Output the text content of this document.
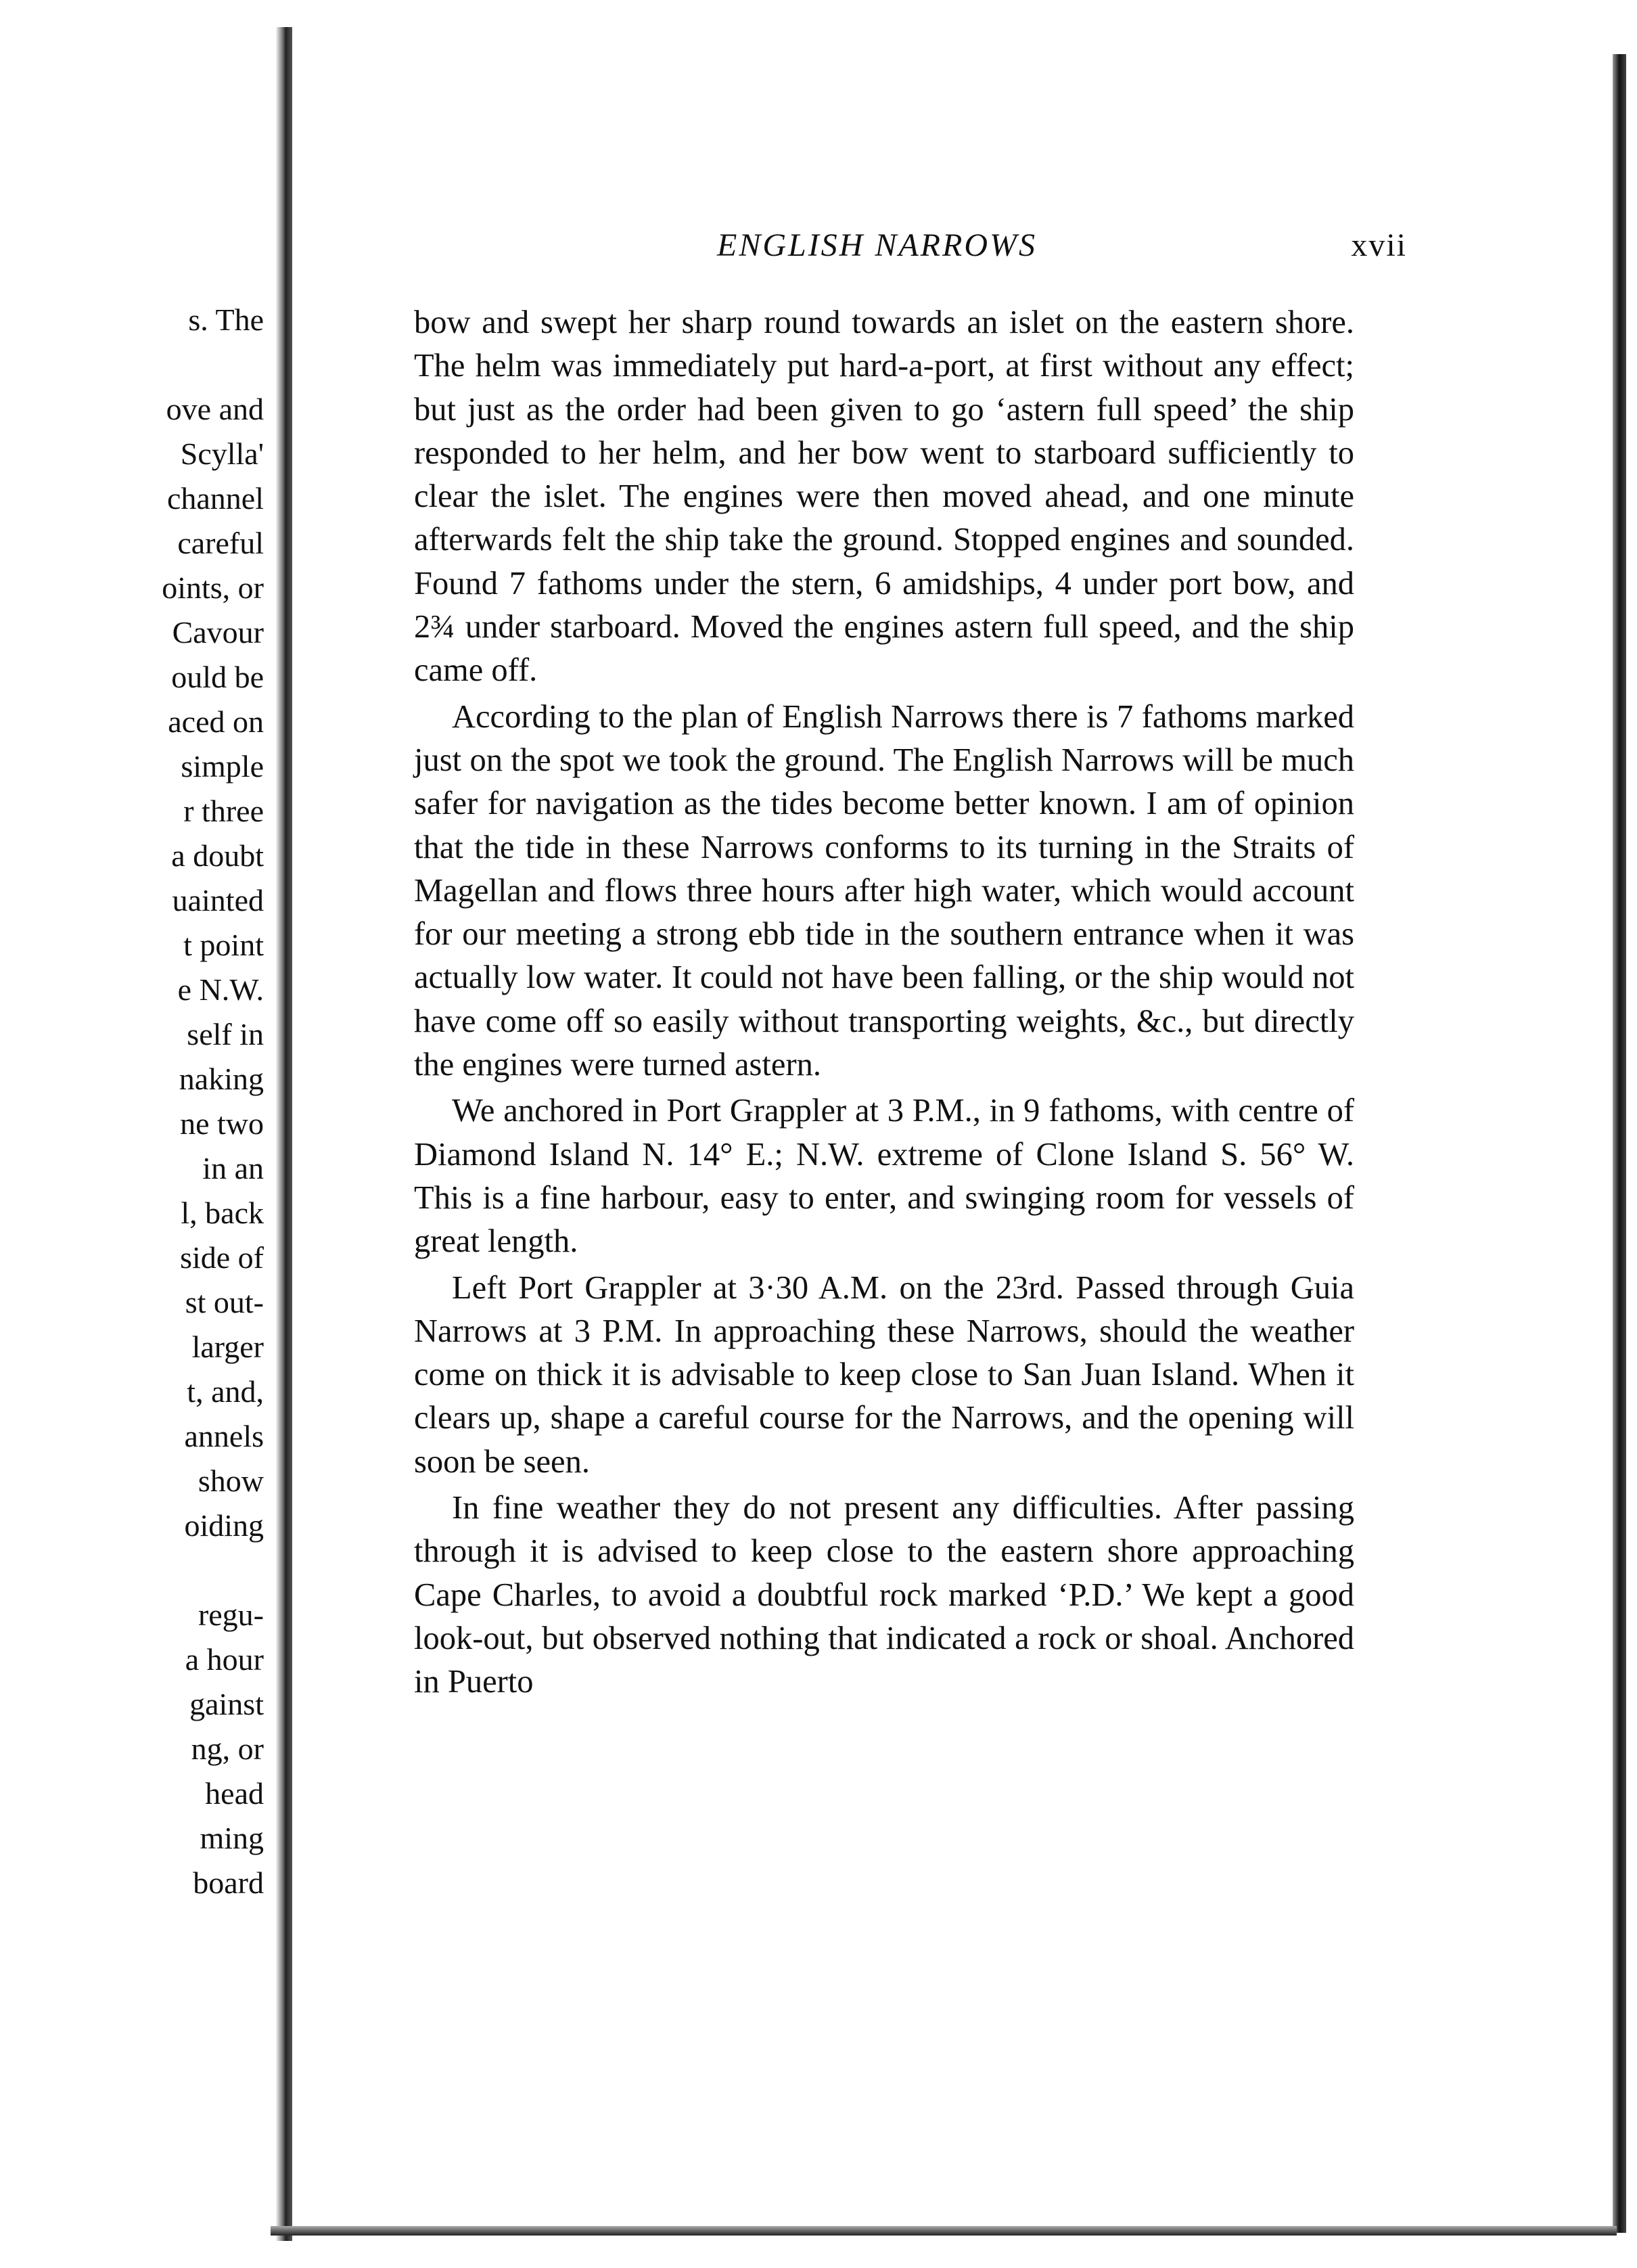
s. The
ove and
Scylla'
channel
careful
oints, or
Cavour
ould be
aced on
simple
r three
a doubt
uainted
t point
e N.W.
self in
naking
ne two
in an
l, back
side of
st out-
larger
t, and,
annels
show
oiding
regu-
a hour
gainst
ng, or
head
ming
board
ENGLISH NARROWS	xvii

bow and swept her sharp round towards an islet on the eastern shore. The helm was immediately put hard-a-port, at first without any effect; but just as the order had been given to go ‘astern full speed’ the ship responded to her helm, and her bow went to starboard sufficiently to clear the islet. The engines were then moved ahead, and one minute afterwards felt the ship take the ground. Stopped engines and sounded. Found 7 fathoms under the stern, 6 amidships, 4 under port bow, and 2¾ under starboard. Moved the engines astern full speed, and the ship came off.

According to the plan of English Narrows there is 7 fathoms marked just on the spot we took the ground. The English Narrows will be much safer for navigation as the tides become better known. I am of opinion that the tide in these Narrows conforms to its turning in the Straits of Magellan and flows three hours after high water, which would account for our meeting a strong ebb tide in the southern entrance when it was actually low water. It could not have been falling, or the ship would not have come off so easily without transporting weights, &c., but directly the engines were turned astern.

We anchored in Port Grappler at 3 P.M., in 9 fathoms, with centre of Diamond Island N. 14° E.; N.W. extreme of Clone Island S. 56° W. This is a fine harbour, easy to enter, and swinging room for vessels of great length.

Left Port Grappler at 3·30 A.M. on the 23rd. Passed through Guia Narrows at 3 P.M. In approaching these Narrows, should the weather come on thick it is advisable to keep close to San Juan Island. When it clears up, shape a careful course for the Narrows, and the opening will soon be seen.

In fine weather they do not present any difficulties. After passing through it is advised to keep close to the eastern shore approaching Cape Charles, to avoid a doubtful rock marked ‘P.D.’ We kept a good look-out, but observed nothing that indicated a rock or shoal. Anchored in Puerto
